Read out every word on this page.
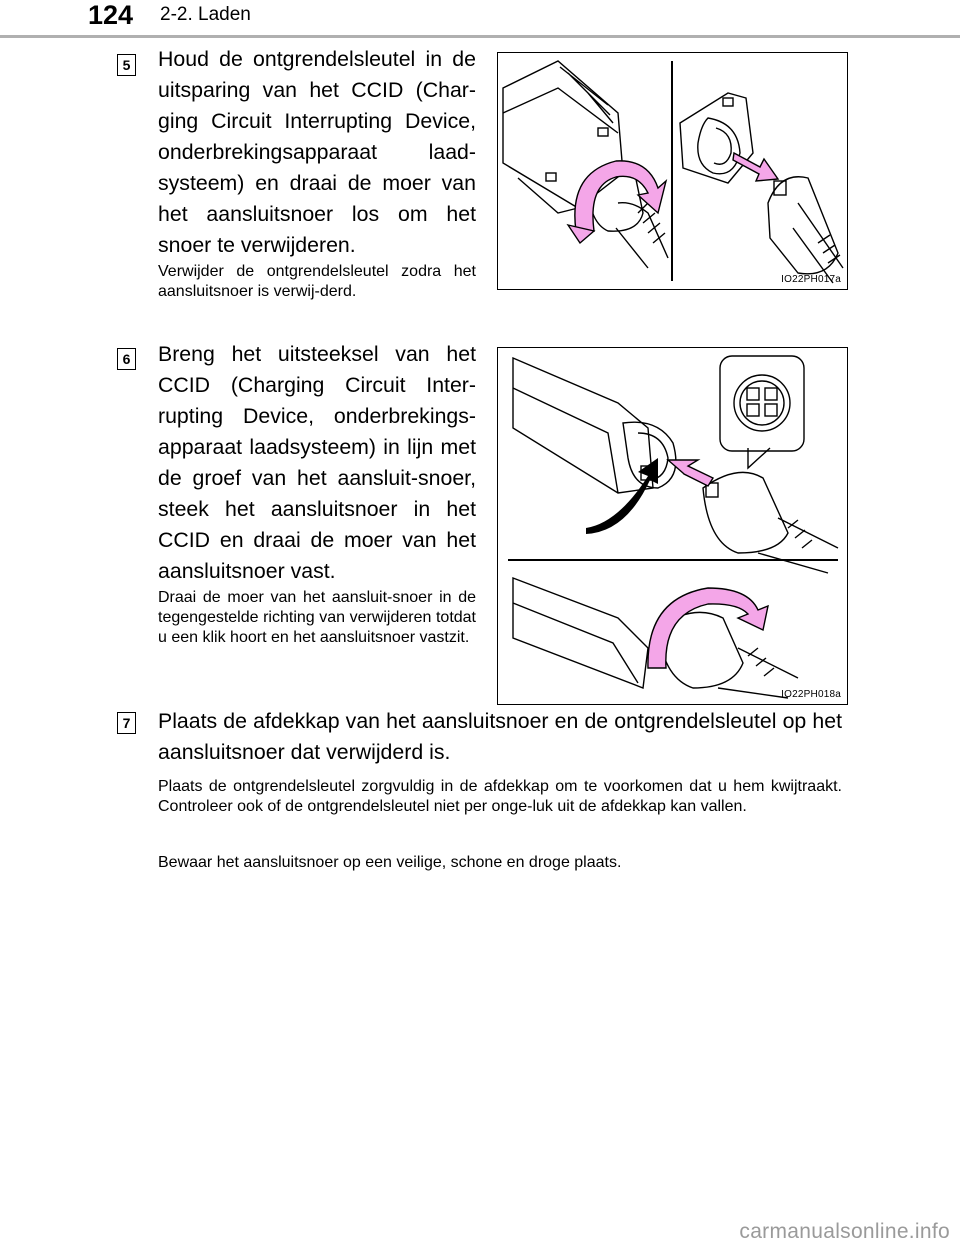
124 2-2. Laden
5 Houd de ontgrendelsleutel in de uitsparing van het CCID (Char-ging Circuit Interrupting Device, onderbrekingsapparaat laad-systeem) en draai de moer van het aansluitsnoer los om het snoer te verwijderen.
Verwijder de ontgrendelsleutel zodra het aansluitsnoer is verwij-derd.
IO22PH017a
6 Breng het uitsteeksel van het CCID (Charging Circuit Inter-rupting Device, onderbrekings-apparaat laadsysteem) in lijn met de groef van het aansluit-snoer, steek het aansluitsnoer in het CCID en draai de moer van het aansluitsnoer vast.
Draai de moer van het aansluit-snoer in de tegengestelde richting van verwijderen totdat u een klik hoort en het aansluitsnoer vastzit.
IO22PH018a
7 Plaats de afdekkap van het aansluitsnoer en de ontgrendelsleutel op het aansluitsnoer dat verwijderd is.
Plaats de ontgrendelsleutel zorgvuldig in de afdekkap om te voorkomen dat u hem kwijtraakt. Controleer ook of de ontgrendelsleutel niet per onge-luk uit de afdekkap kan vallen.
Bewaar het aansluitsnoer op een veilige, schone en droge plaats.
carmanualsonline.info
